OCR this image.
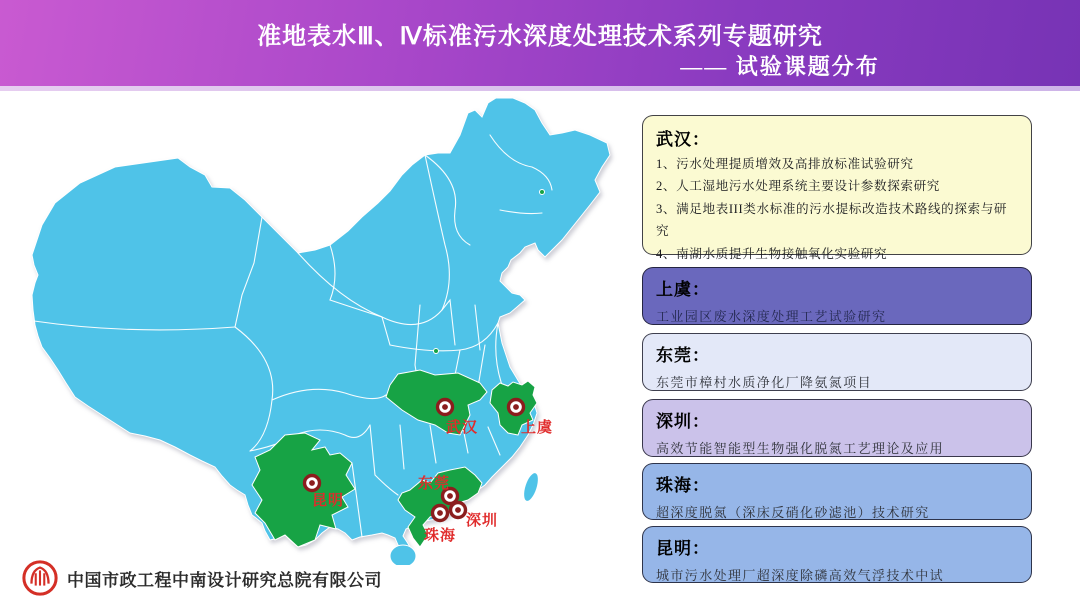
准地表水Ⅲ、Ⅳ标准污水深度处理技术系列专题研究
—— 试验课题分布
武汉	上虞
昆明
东莞
深圳
珠海
武汉：
1、污水处理提质增效及高排放标准试验研究
2、人工湿地污水处理系统主要设计参数探索研究
3、满足地表III类水标准的污水提标改造技术路线的探索与研究
4、南湖水质提升生物接触氧化实验研究
上虞：
工业园区废水深度处理工艺试验研究
东莞：
东莞市樟村水质净化厂降氨氮项目
深圳：
高效节能智能型生物强化脱氮工艺理论及应用
珠海：
超深度脱氮（深床反硝化砂滤池）技术研究
昆明：
城市污水处理厂超深度除磷高效气浮技术中试
中国市政工程中南设计研究总院有限公司
